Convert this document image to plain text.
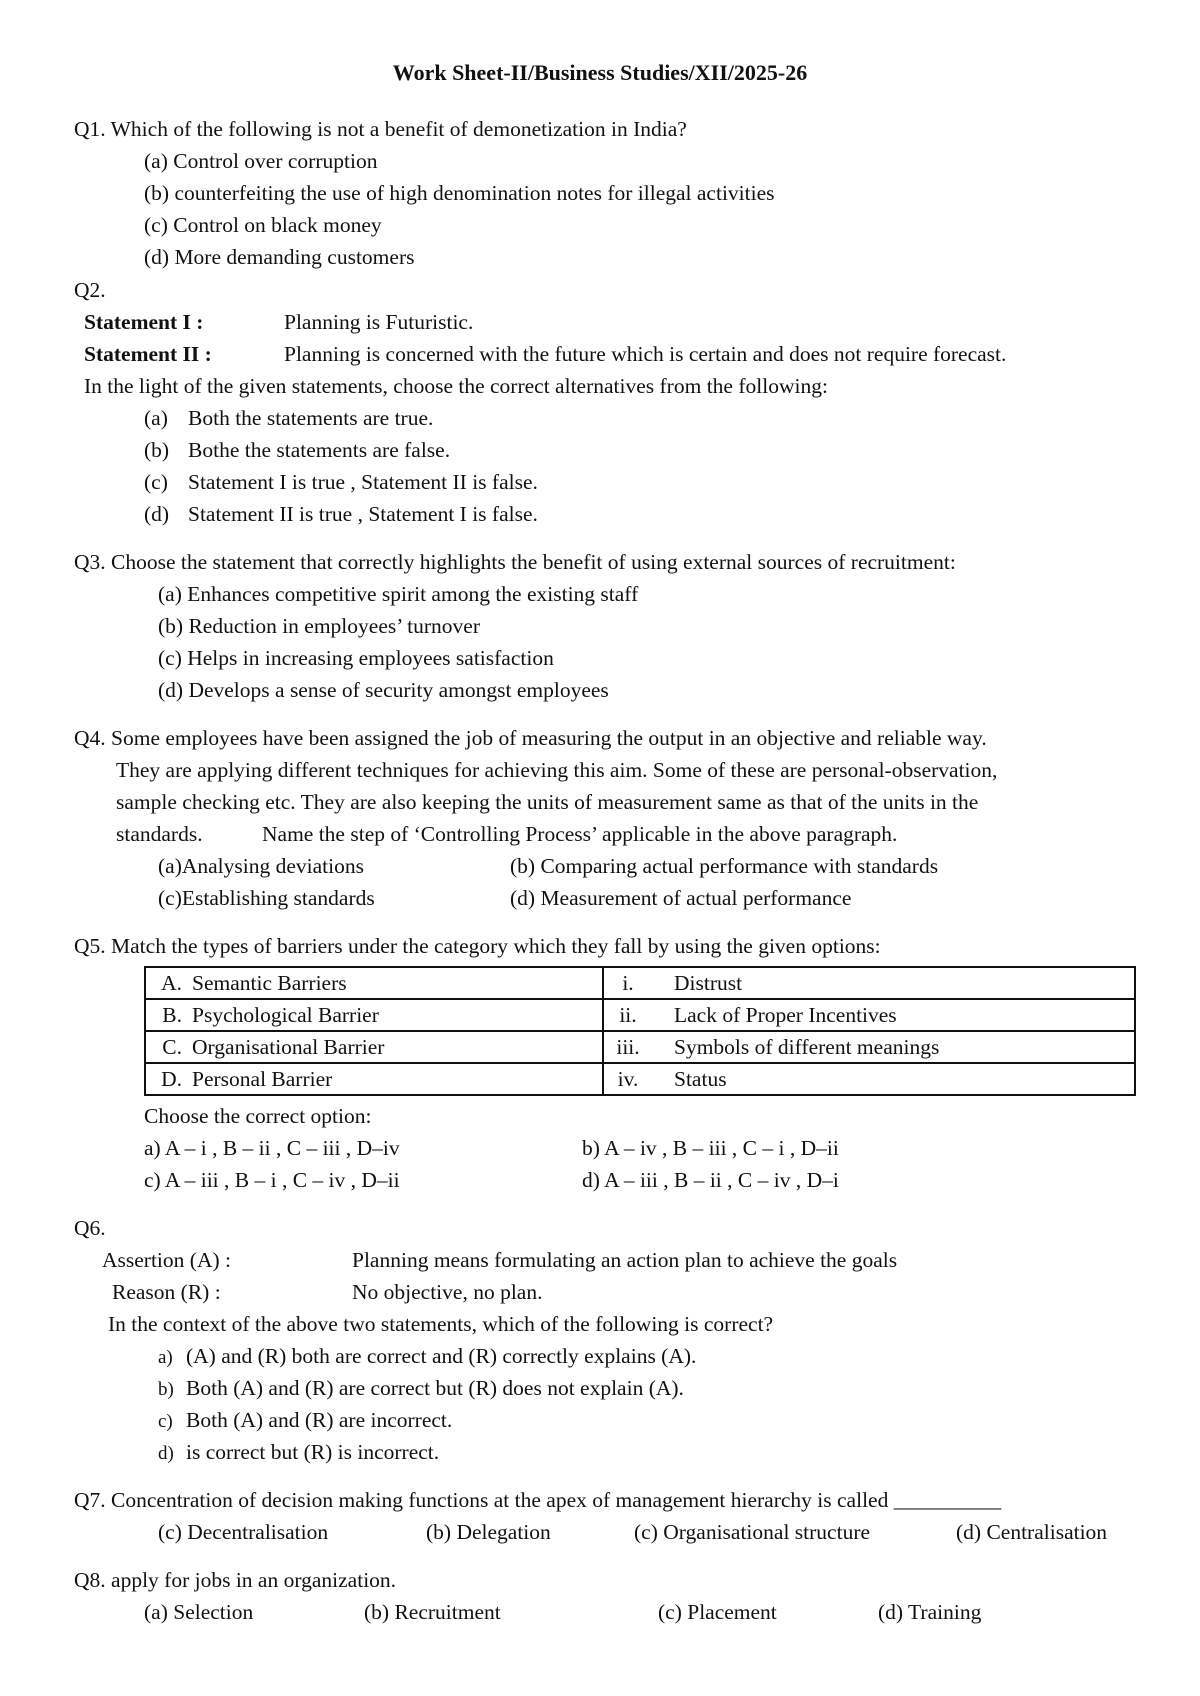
Work Sheet-II/Business Studies/XII/2025-26
Q1. Which of the following is not a benefit of demonetization in India?
(a) Control over corruption
(b) counterfeiting the use of high denomination notes for illegal activities
(c) Control on black money
(d) More demanding customers
Q2.
Statement I :	Planning is Futuristic.
Statement II :	Planning is concerned with the future which is certain and does not require forecast.
In the light of the given statements, choose the correct alternatives from the following:
(a) Both the statements are true.
(b) Bothe the statements are false.
(c) Statement I is true , Statement II is false.
(d) Statement II is true , Statement I is false.
Q3. Choose the statement that correctly highlights the benefit of using external sources of recruitment:
(a) Enhances competitive spirit among the existing staff
(b) Reduction in employees’ turnover
(c) Helps in increasing employees satisfaction
(d) Develops a sense of security amongst employees
Q4. Some employees have been assigned the job of measuring the output in an objective and reliable way.
They are applying different techniques for achieving this aim. Some of these are personal-observation,
sample checking etc. They are also keeping the units of measurement same as that of the units in the
standards.	Name the step of ‘Controlling Process’ applicable in the above paragraph.
(a)Analysing deviations	(b) Comparing actual performance with standards
(c)Establishing standards	(d) Measurement of actual performance
Q5. Match the types of barriers under the category which they fall by using the given options:
A. Semantic Barriers	i. Distrust
B. Psychological Barrier	ii. Lack of Proper Incentives
C. Organisational Barrier	iii. Symbols of different meanings
D. Personal Barrier	iv. Status
Choose the correct option:
a) A – i , B – ii , C – iii , D–iv	b) A – iv , B – iii , C – i , D–ii
c) A – iii , B – i , C – iv , D–ii	d) A – iii , B – ii , C – iv , D–i
Q6.
Assertion (A) :	Planning means formulating an action plan to achieve the goals
Reason (R) :	No objective, no plan.
In the context of the above two statements, which of the following is correct?
a) (A) and (R) both are correct and (R) correctly explains (A).
b) Both (A) and (R) are correct but (R) does not explain (A).
c) Both (A) and (R) are incorrect.
d) is correct but (R) is incorrect.
Q7. Concentration of decision making functions at the apex of management hierarchy is called __________
(c) Decentralisation	(b) Delegation	(c) Organisational structure	(d) Centralisation
Q8. apply for jobs in an organization.
(a) Selection	(b) Recruitment	(c) Placement	(d) Training
